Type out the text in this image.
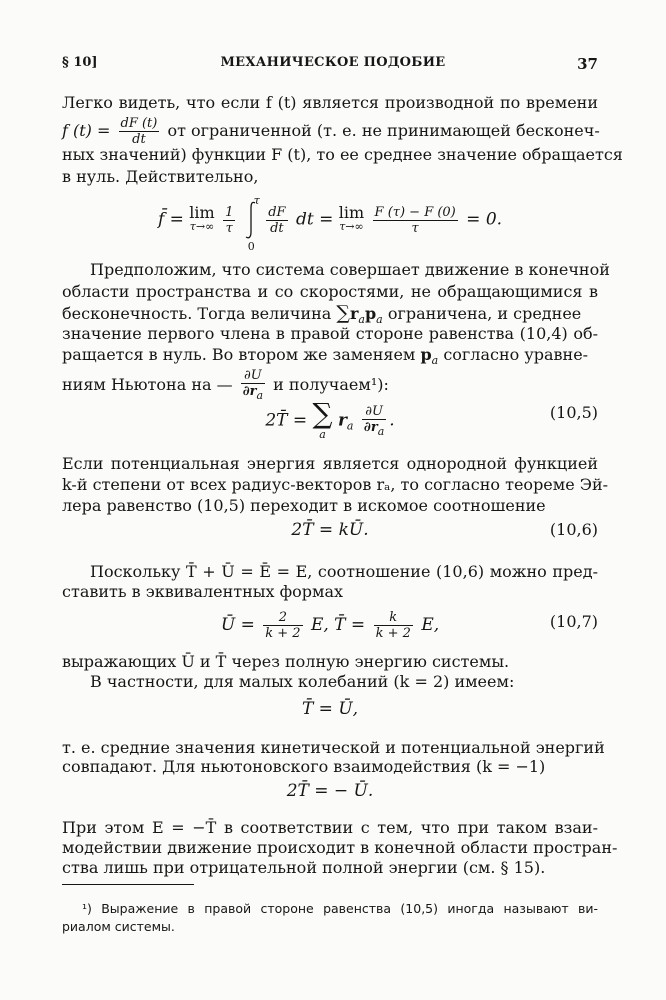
§ 10]	МЕХАНИЧЕСКОЕ ПОДОБИЕ	37
Легко видеть, что если f (t) является производной по времени
f $(t) = \frac{dF (t)}{dt}$ от ограниченной (т. е. не принимающей бесконеч-
ных значений) функции F (t), то ее среднее значение обращается
в нуль. Действительно,
f̄ = lim
τ→∞
$\frac{1}{\tau}$

τ
0

$\frac{dF}{dt}$ dt = lim
τ→∞
$\frac{F (\tau) - F (0)}{\tau} = 0$.
Предположим, что система совершает движение в конечной
области пространства и со скоростями, не обращающимися в
бесконечность. Тогда величина $\sum r_ap_a$ ограничена, и среднее
значение первого члена в правой стороне равенства (10,4) об-
ращается в нуль. Во втором же заменяем $p_a$ согласно уравне-
ниям Ньютона на — $\frac{\partial U}{\partial r_a}$ и получаем¹):
2T̄ = ∑
a
$r_a \frac{\partial U}{\partial r_a}$ .	(10,5)
Если потенциальная энергия является однородной функцией
k-й степени от всех радиус-векторов rₐ, то согласно теореме Эй-
лера равенство (10,5) переходит в искомое соотношение
2T̄ = kŪ.	(10,6)
Поскольку T̄ + Ū = Ē = E, соотношение (10,6) можно пред-
ставить в эквивалентных формах
Ū = $\frac{2}{k + 2} E$, T̄ = $\frac{k}{k + 2} E$,	(10,7)
выражающих Ū и T̄ через полную энергию системы.
В частности, для малых колебаний (k = 2) имеем:
T̄ = Ū,
т. е. средние значения кинетической и потенциальной энергий
совпадают. Для ньютоновского взаимодействия (k = −1)
2T̄ = − Ū.
При этом E = −T̄ в соответствии с тем, что при таком взаи-
модействии движение происходит в конечной области простран-
ства лишь при отрицательной полной энергии (см. § 15).
¹) Выражение в правой стороне равенства (10,5) иногда называют ви-
риалом системы.
